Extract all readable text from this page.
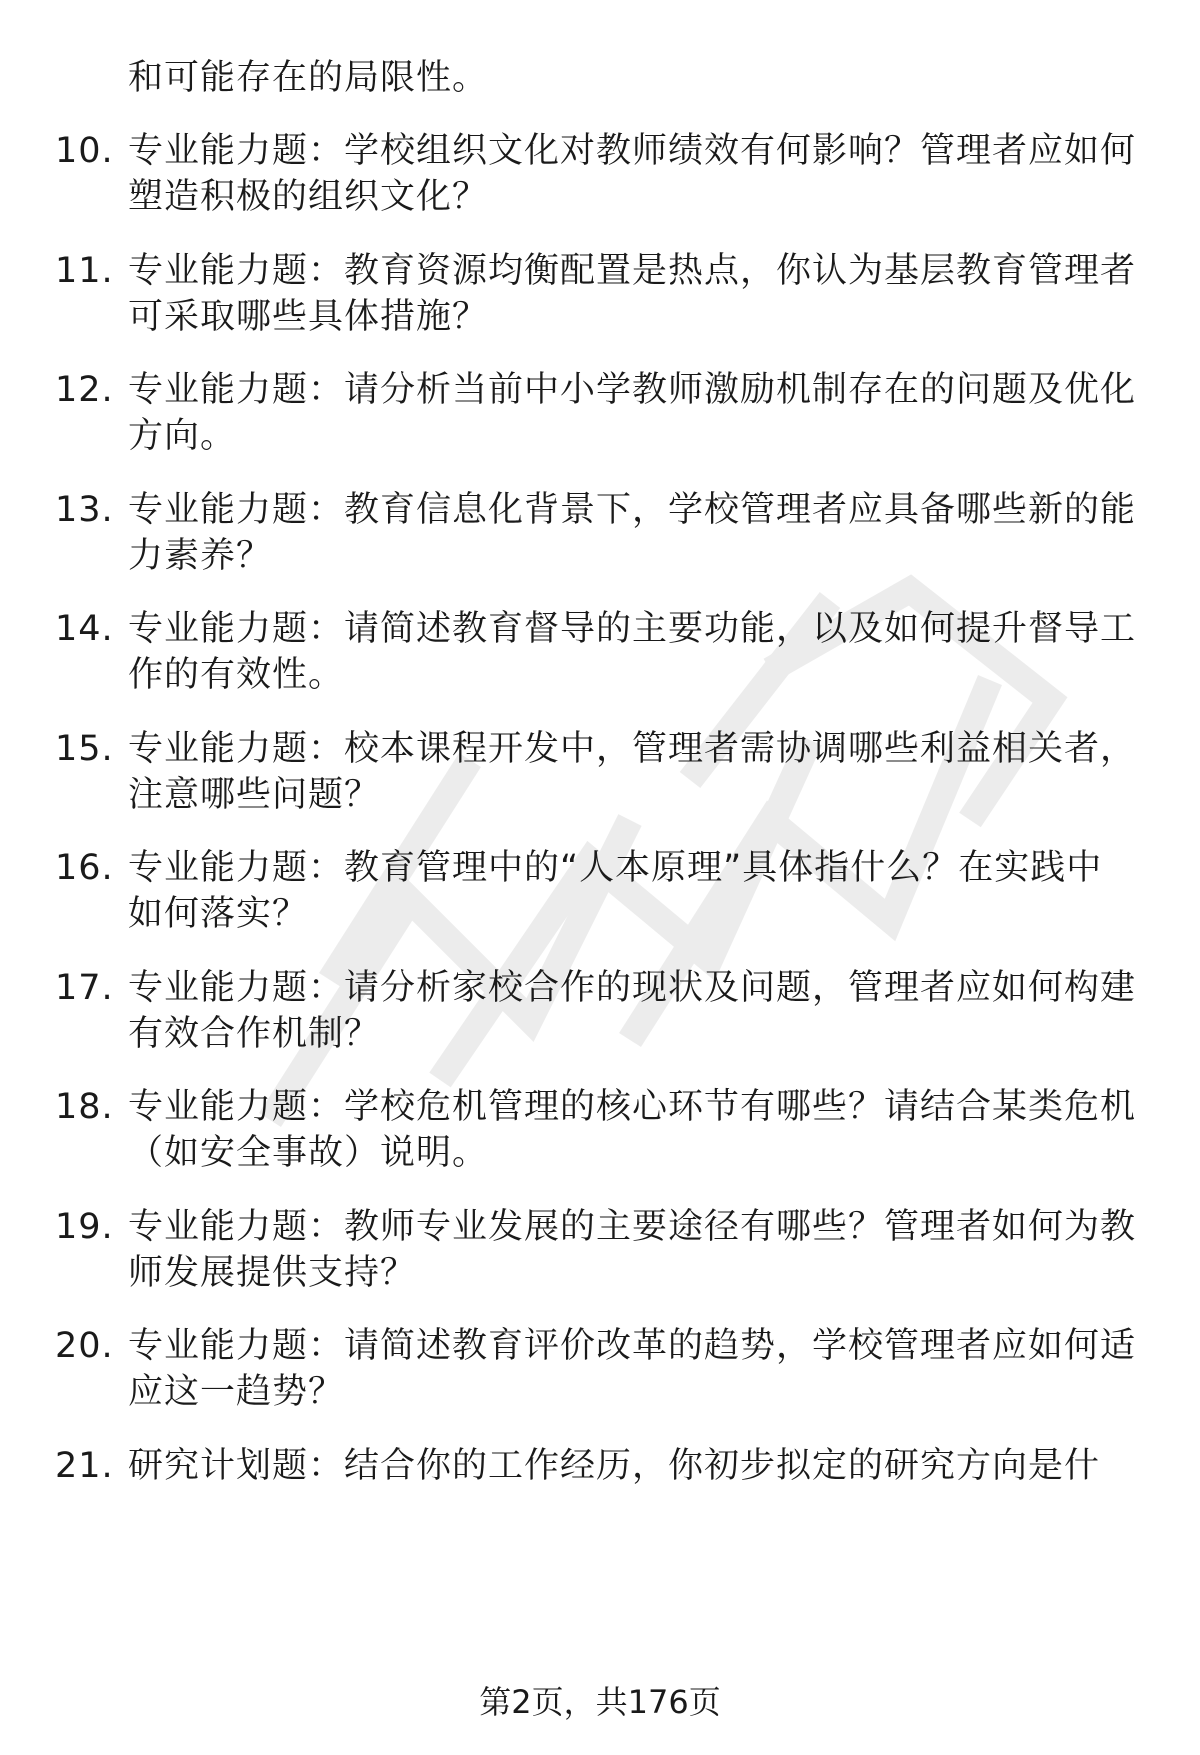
和可能存在的局限性。
10. 专业能力题：学校组织文化对教师绩效有何影响？管理者应如何
塑造积极的组织文化？
11. 专业能力题：教育资源均衡配置是热点，你认为基层教育管理者
可采取哪些具体措施？
12. 专业能力题：请分析当前中小学教师激励机制存在的问题及优化
方向。
13. 专业能力题：教育信息化背景下，学校管理者应具备哪些新的能
力素养？
14. 专业能力题：请简述教育督导的主要功能，以及如何提升督导工
作的有效性。
15. 专业能力题：校本课程开发中，管理者需协调哪些利益相关者，
注意哪些问题？
16. 专业能力题：教育管理中的“人本原理”具体指什么？在实践中
如何落实？
17. 专业能力题：请分析家校合作的现状及问题，管理者应如何构建
有效合作机制？
18. 专业能力题：学校危机管理的核心环节有哪些？请结合某类危机
（如安全事故）说明。
19. 专业能力题：教师专业发展的主要途径有哪些？管理者如何为教
师发展提供支持？
20. 专业能力题：请简述教育评价改革的趋势，学校管理者应如何适
应这一趋势？
21. 研究计划题：结合你的工作经历，你初步拟定的研究方向是什
第2页，共176页
